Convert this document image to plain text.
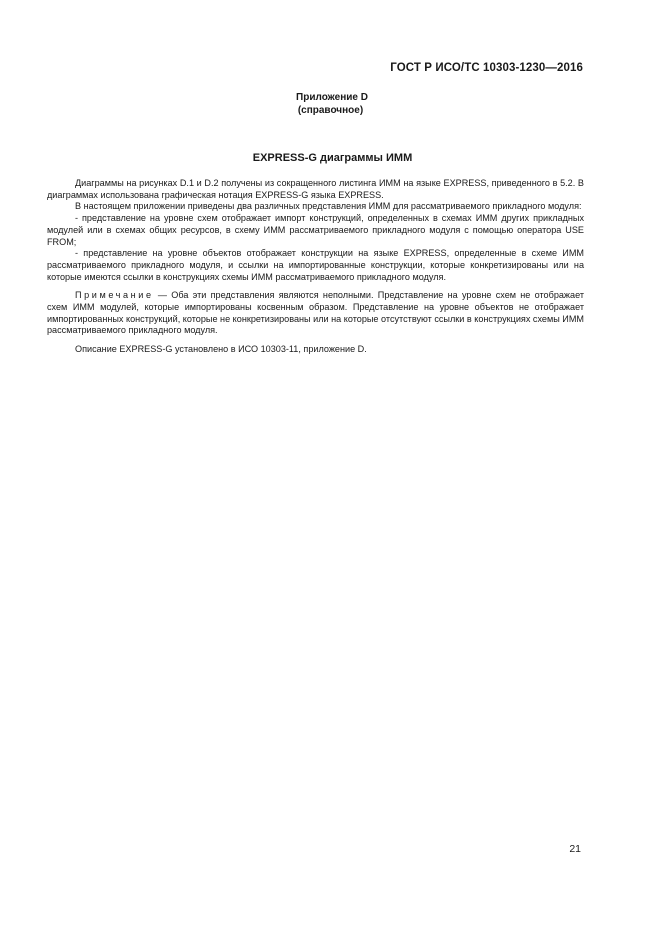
ГОСТ Р ИСО/ТС 10303-1230—2016
Приложение D
(справочное)
EXPRESS-G диаграммы ИММ

Диаграммы на рисунках D.1 и D.2 получены из сокращенного листинга ИММ на языке EXPRESS, приведенного в 5.2. В диаграммах использована графическая нотация EXPRESS-G языка EXPRESS.

В настоящем приложении приведены два различных представления ИММ для рассматриваемого прикладного модуля:

- представление на уровне схем отображает импорт конструкций, определенных в схемах ИММ других прикладных модулей или в схемах общих ресурсов, в схему ИММ рассматриваемого прикладного модуля с помощью оператора USE FROM;

- представление на уровне объектов отображает конструкции на языке EXPRESS, определенные в схеме ИММ рассматриваемого прикладного модуля, и ссылки на импортированные конструкции, которые конкретизированы или на которые имеются ссылки в конструкциях схемы ИММ рассматриваемого прикладного модуля.

Примечание — Оба эти представления являются неполными. Представление на уровне схем не отображает схем ИММ модулей, которые импортированы косвенным образом. Представление на уровне объектов не отображает импортированных конструкций, которые не конкретизированы или на которые отсутствуют ссылки в конструкциях схемы ИММ рассматриваемого прикладного модуля.

Описание EXPRESS-G установлено в ИСО 10303-11, приложение D.

21
